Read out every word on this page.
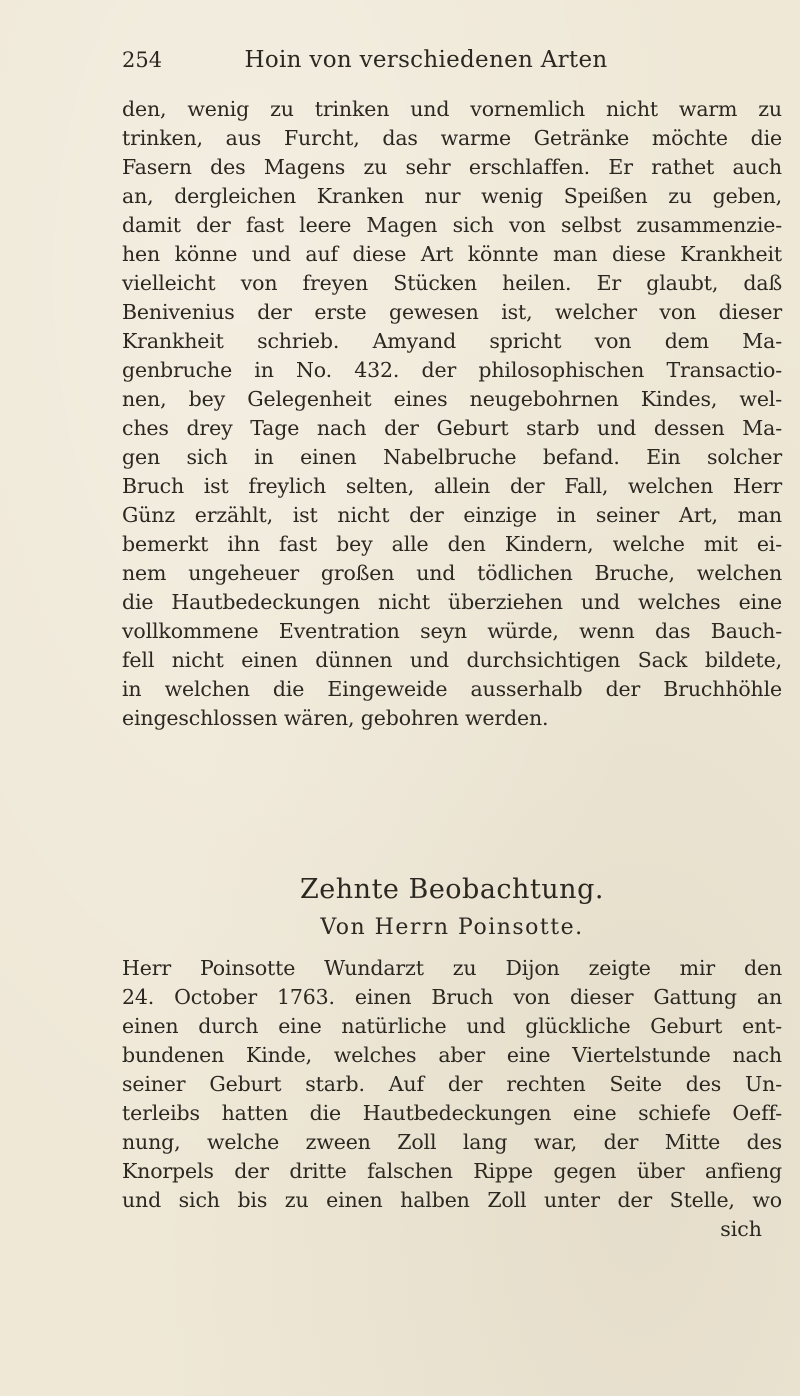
254	Hoin von verschiedenen Arten
den, wenig zu trinken und vornemlich nicht warm zu
trinken, aus Furcht, das warme Getränke möchte die
Fasern des Magens zu sehr erschlaffen. Er rathet auch
an, dergleichen Kranken nur wenig Speißen zu geben,
damit der fast leere Magen sich von selbst zusammenzie-
hen könne und auf diese Art könnte man diese Krankheit
vielleicht von freyen Stücken heilen. Er glaubt, daß
Benivenius der erste gewesen ist, welcher von dieser
Krankheit schrieb. Amyand spricht von dem Ma-
genbruche in No. 432. der philosophischen Transactio-
nen, bey Gelegenheit eines neugebohrnen Kindes, wel-
ches drey Tage nach der Geburt starb und dessen Ma-
gen sich in einen Nabelbruche befand. Ein solcher
Bruch ist freylich selten, allein der Fall, welchen Herr
Günz erzählt, ist nicht der einzige in seiner Art, man
bemerkt ihn fast bey alle den Kindern, welche mit ei-
nem ungeheuer großen und tödlichen Bruche, welchen
die Hautbedeckungen nicht überziehen und welches eine
vollkommene Eventration seyn würde, wenn das Bauch-
fell nicht einen dünnen und durchsichtigen Sack bildete,
in welchen die Eingeweide ausserhalb der Bruchhöhle
eingeschlossen wären, gebohren werden.
Zehnte Beobachtung.
Von Herrn Poinsotte.
Herr Poinsotte Wundarzt zu Dijon zeigte mir den
24. October 1763. einen Bruch von dieser Gattung an
einen durch eine natürliche und glückliche Geburt ent-
bundenen Kinde, welches aber eine Viertelstunde nach
seiner Geburt starb. Auf der rechten Seite des Un-
terleibs hatten die Hautbedeckungen eine schiefe Oeff-
nung, welche zween Zoll lang war, der Mitte des
Knorpels der dritte falschen Rippe gegen über anfieng
und sich bis zu einen halben Zoll unter der Stelle, wo
sich
